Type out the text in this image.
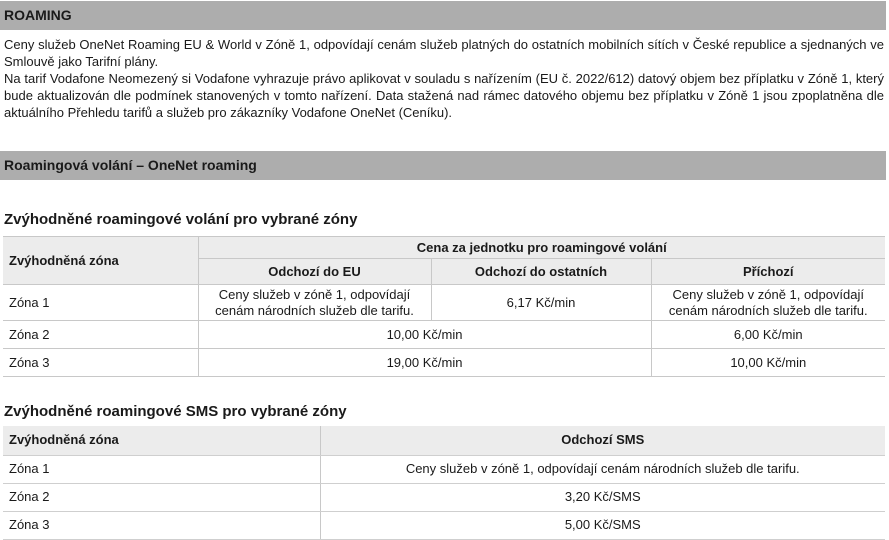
ROAMING

Ceny služeb OneNet Roaming EU & World v Zóně 1, odpovídají cenám služeb platných do ostatních mobilních sítích v České republice a sjednaných ve Smlouvě jako Tarifní plány.

Na tarif Vodafone Neomezený si Vodafone vyhrazuje právo aplikovat v souladu s nařízením (EU č. 2022/612) datový objem bez příplatku v Zóně 1, který bude aktualizován dle podmínek stanovených v tomto nařízení. Data stažená nad rámec datového objemu bez příplatku v Zóně 1 jsou zpoplatněna dle aktuálního Přehledu tarifů a služeb pro zákazníky Vodafone OneNet (Ceníku).

Roamingová volání – OneNet roaming
Zvýhodněné roamingové volání pro vybrané zóny
Zvýhodněná zóna	Cena za jednotku pro roamingové volání		
	Odchozí do EU	Odchozí do ostatních	Příchozí
Zóna 1	Ceny služeb v zóně 1, odpovídají cenám národních služeb dle tarifu.	6,17 Kč/min	Ceny služeb v zóně 1, odpovídají cenám národních služeb dle tarifu.
Zóna 2	10,00 Kč/min		6,00 Kč/min
Zóna 3	19,00 Kč/min		10,00 Kč/min
Zvýhodněné roamingové SMS pro vybrané zóny
Zvýhodněná zóna	Odchozí SMS
Zóna 1	Ceny služeb v zóně 1, odpovídají cenám národních služeb dle tarifu.
Zóna 2	3,20 Kč/SMS
Zóna 3	5,00 Kč/SMS
